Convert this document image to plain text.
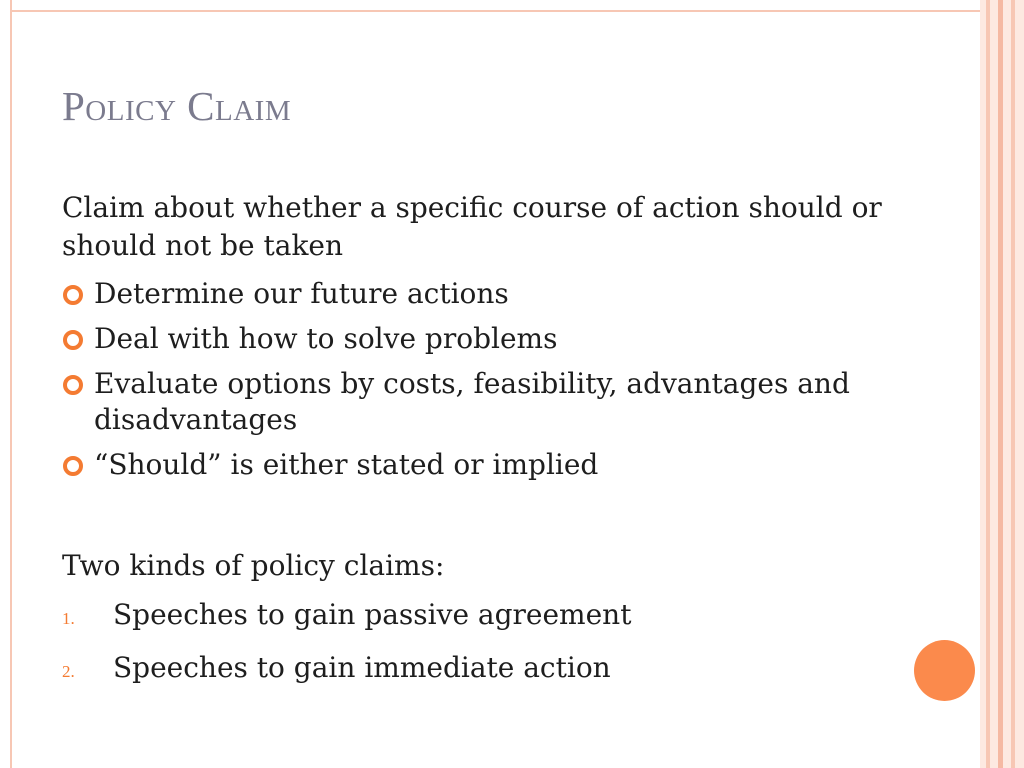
Policy Claim
Claim about whether a specific course of action should or should not be taken
Determine our future actions
Deal with how to solve problems
Evaluate options by costs, feasibility, advantages and disadvantages
“Should” is either stated or implied
Two kinds of policy claims:
1.	Speeches to gain passive agreement
2.	Speeches to gain immediate action
